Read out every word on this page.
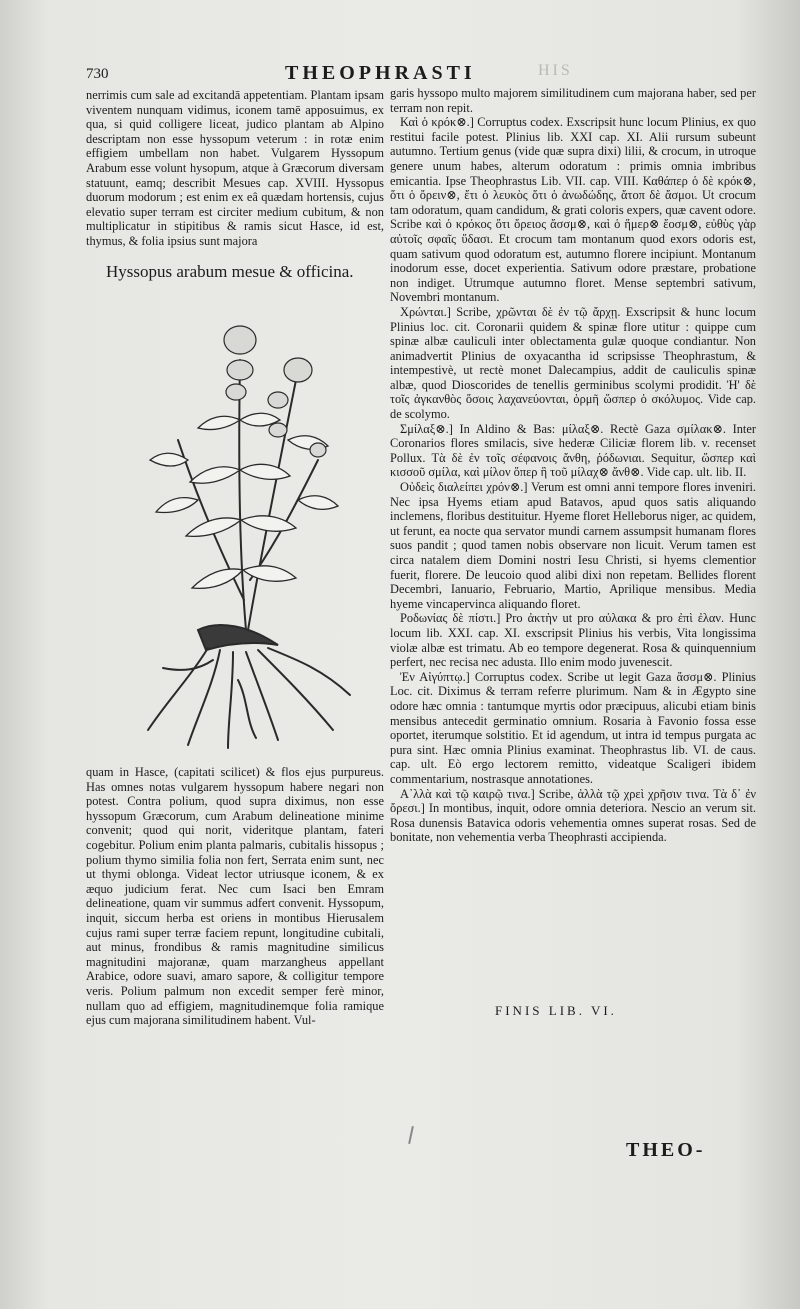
730	THEOPHRASTI	HIS

nerrimis cum sale ad excitandā appetentiam. Plantam ipsam viventem nunquam vidimus, iconem tamē apposuimus, ex qua, si quid colligere liceat, judico plantam ab Alpino descriptam non esse hyssopum veterum : in rotæ enim effigiem umbellam non habet. Vulgarem Hyssopum Arabum esse volunt hysopum, atque à Græcorum diversam statuunt, eamq; describit Mesues cap. XVIII. Hyssopus duorum modorum ; est enim ex eâ quædam hortensis, cujus elevatio super terram est circiter medium cubitum, & non multiplicatur in stipitibus & ramis sicut Hasce, id est, thymus, & folia ipsius sunt majora

Hyssopus arabum mesue & officina.

quam in Hasce, (capitati scilicet) & flos ejus purpureus. Has omnes notas vulgarem hyssopum habere negari non potest. Contra polium, quod supra diximus, non esse hyssopum Græcorum, cum Arabum delineatione minime convenit; quod qui norit, videritque plantam, fateri cogebitur. Polium enim planta palmaris, cubitalis hissopus ; polium thymo similia folia non fert, Serrata enim sunt, nec ut thymi oblonga. Videat lector utriusque iconem, & ex æquo judicium ferat. Nec cum Isaci ben Emram delineatione, quam vir summus adfert convenit. Hyssopum, inquit, siccum herba est oriens in montibus Hierusalem cujus rami super terræ faciem repunt, longitudine cubitali, aut minus, frondibus & ramis magnitudine similicus magnitudini majoranæ, quam marzangheus appellant Arabice, odore suavi, amaro sapore, & colligitur tempore veris. Polium palmum non excedit semper ferè minor, nullam quo ad effigiem, magnitudinemque folia ramique ejus cum majorana similitudinem habent. Vul-

garis hyssopo multo majorem similitudinem cum majorana haber, sed per terram non repit.

Καὶ ὁ κρόκ⊗.] Corruptus codex. Exscripsit hunc locum Plinius, ex quo restitui facile potest. Plinius lib. XXI cap. XI. Alii rursum subeunt autumno. Tertium genus (vide quæ supra dixi) lilii, & crocum, in utroque genere unum habes, alterum odoratum : primis omnia imbribus emicantia. Ipse Theophrastus Lib. VII. cap. VIII. Καθάπερ ὁ δὲ κρόκ⊗, ὅτι ὁ ὄρειν⊗, ἔτι ὁ λευκὸς ὅτι ὁ ἀνωδώδης, ἄτοπ δὲ ἄσμοι. Ut crocum tam odoratum, quam candidum, & grati coloris expers, quæ cavent odore. Scribe καὶ ὁ κρόκος ὅτι ὄρειος ἄσσμ⊗, καὶ ὁ ἥμερ⊗ ἔοσμ⊗, εὐθὺς γὰρ αὐτοῖς σφαῖς ὕδασι. Et crocum tam montanum quod exors odoris est, quam sativum quod odoratum est, autumno florere incipiunt. Montanum inodorum esse, docet experientia. Sativum odore præstare, probatione non indiget. Utrumque autumno floret. Mense septembri sativum, Novembri montanum.

Χρώνται.] Scribe, χρῶνται δὲ ἐν τῷ ἄρχῃ. Exscripsit & hunc locum Plinius loc. cit. Coronarii quidem & spinæ flore utitur : quippe cum spinæ albæ cauliculi inter oblectamenta gulæ quoque condiantur. Non animadvertit Plinius de oxyacantha id scripsisse Theophrastum, & intempestivè, ut rectè monet Dalecampius, addit de cauliculis spinæ albæ, quod Dioscorides de tenellis germinibus scolymi prodidit. Ἠ' δὲ τοῖς ἀγκανθὸς ὅσοις λαχανεύονται, ὁρμῆ ὥσπερ ὁ σκόλυμος. Vide cap. de scolymo.

Σμίλαξ⊗.] In Aldino & Bas: μίλαξ⊗. Rectè Gaza σμίλακ⊗. Inter Coronarios flores smilacis, sive hederæ Ciliciæ florem lib. v. recenset Pollux. Τὰ δὲ ἐν τοῖς σέφανοις ἄνθη, ῥόδωνιαι. Sequitur, ὥσπερ καὶ κισσοῦ σμίλα, καὶ μίλον ὅπερ ἣ τοῦ μίλαχ⊗ ἄνθ⊗. Vide cap. ult. lib. II.

Οὐδεὶς διαλείπει χρόν⊗.] Verum est omni anni tempore flores inveniri. Nec ipsa Hyems etiam apud Batavos, apud quos satis aliquando inclemens, floribus destituitur. Hyeme floret Helleborus niger, ac quidem, ut ferunt, ea nocte qua servator mundi carnem assumpsit humanam flores suos pandit ; quod tamen nobis observare non licuit. Verum tamen est circa natalem diem Domini nostri Iesu Christi, si hyems clementior fuerit, florere. De leucoio quod alibi dixi non repetam. Bellides florent Decembri, Ianuario, Februario, Martio, Aprilique mensibus. Media hyeme vincapervinca aliquando floret.

Ροδωνίας δὲ πίστι.] Pro ἀκτὴν ut pro αὐλακα & pro ἐπὶ ἐλαν. Hunc locum lib. XXI. cap. XI. exscripsit Plinius his verbis, Vita longissima violæ albæ est trimatu. Ab eo tempore degenerat. Rosa & quinquennium perfert, nec recisa nec adusta. Illo enim modo juvenescit.

Ἐν Αἰγύπτῳ.] Corruptus codex. Scribe ut legit Gaza ἄσσμ⊗. Plinius Loc. cit. Diximus & terram referre plurimum. Nam & in Ægypto sine odore hæc omnia : tantumque myrtis odor præcipuus, alicubi etiam binis mensibus antecedit germinatio omnium. Rosaria à Favonio fossa esse oportet, iterumque solstitio. Et id agendum, ut intra id tempus purgata ac pura sint. Hæc omnia Plinius examinat. Theophrastus lib. VI. de caus. cap. ult. Eò ergo lectorem remitto, videatque Scaligeri ibidem commentarium, nostrasque annotationes.

Α᾽λλὰ καὶ τῷ καιρῷ τινα.] Scribe, ἀλλὰ τῷ χρεὶ χρῆσιν τινα. Τὰ δ᾽ ἐν ὄρεσι.] In montibus, inquit, odore omnia deteriora. Nescio an verum sit. Rosa dunensis Batavica odoris vehementia omnes superat rosas. Sed de bonitate, non vehementia verba Theophrasti accipienda.

FINIS LIB. VI.
THEO-
